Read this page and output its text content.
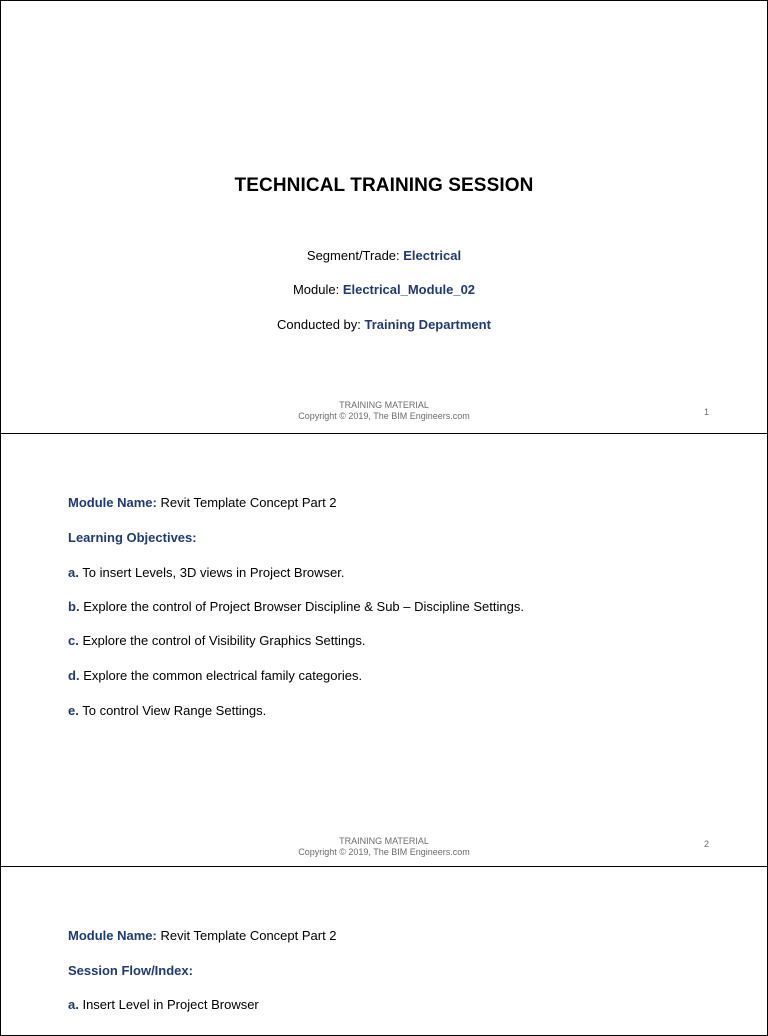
TECHNICAL TRAINING SESSION
Segment/Trade: Electrical
Module: Electrical_Module_02
Conducted by: Training Department
TRAINING MATERIAL
Copyright © 2019, The BIM Engineers.com	1
Module Name: Revit Template Concept Part 2
Learning Objectives:
a. To insert Levels, 3D views in Project Browser.
b. Explore the control of Project Browser Discipline & Sub – Discipline Settings.
c. Explore the control of Visibility Graphics Settings.
d. Explore the common electrical family categories.
e. To control View Range Settings.
TRAINING MATERIAL
Copyright © 2019, The BIM Engineers.com
2
Module Name: Revit Template Concept Part 2
Session Flow/Index:
a. Insert Level in Project Browser
